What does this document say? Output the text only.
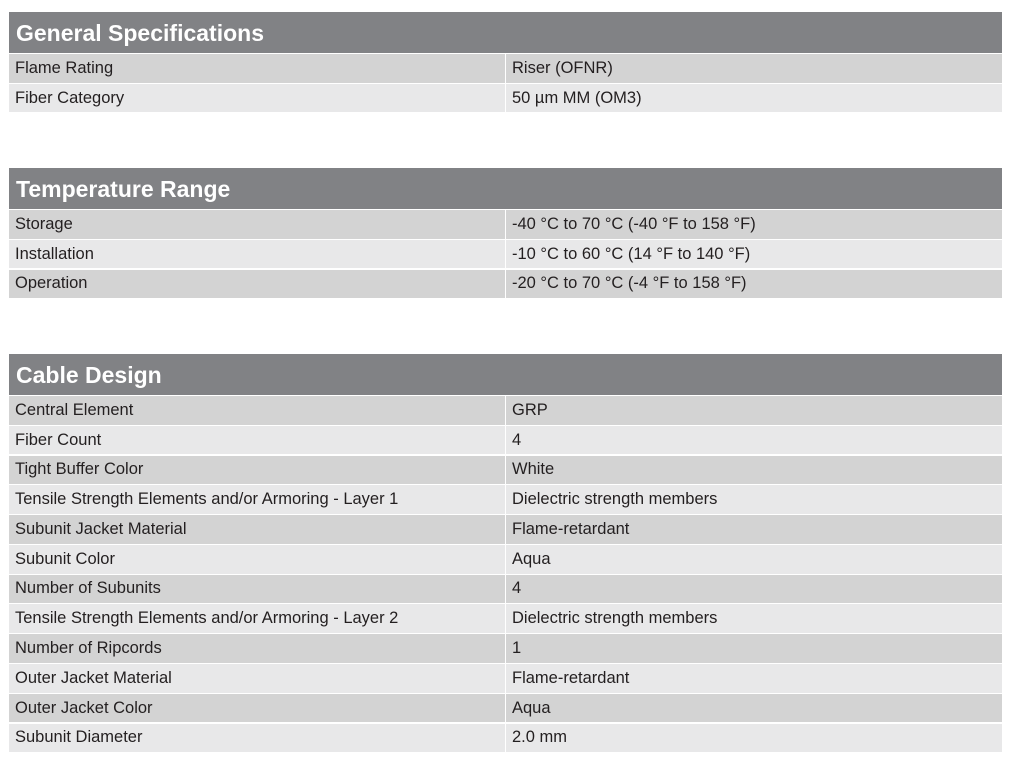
General Specifications
Flame Rating	Riser (OFNR)
Fiber Category	50 µm MM (OM3)
Temperature Range
Storage	-40 °C to 70 °C (-40 °F to 158 °F)
Installation	-10 °C to 60 °C (14 °F to 140 °F)
Operation	-20 °C to 70 °C (-4 °F to 158 °F)
Cable Design
Central Element	GRP
Fiber Count	4
Tight Buffer Color	White
Tensile Strength Elements and/or Armoring - Layer 1	Dielectric strength members
Subunit Jacket Material	Flame-retardant
Subunit Color	Aqua
Number of Subunits	4
Tensile Strength Elements and/or Armoring - Layer 2	Dielectric strength members
Number of Ripcords	1
Outer Jacket Material	Flame-retardant
Outer Jacket Color	Aqua
Subunit Diameter	2.0 mm
